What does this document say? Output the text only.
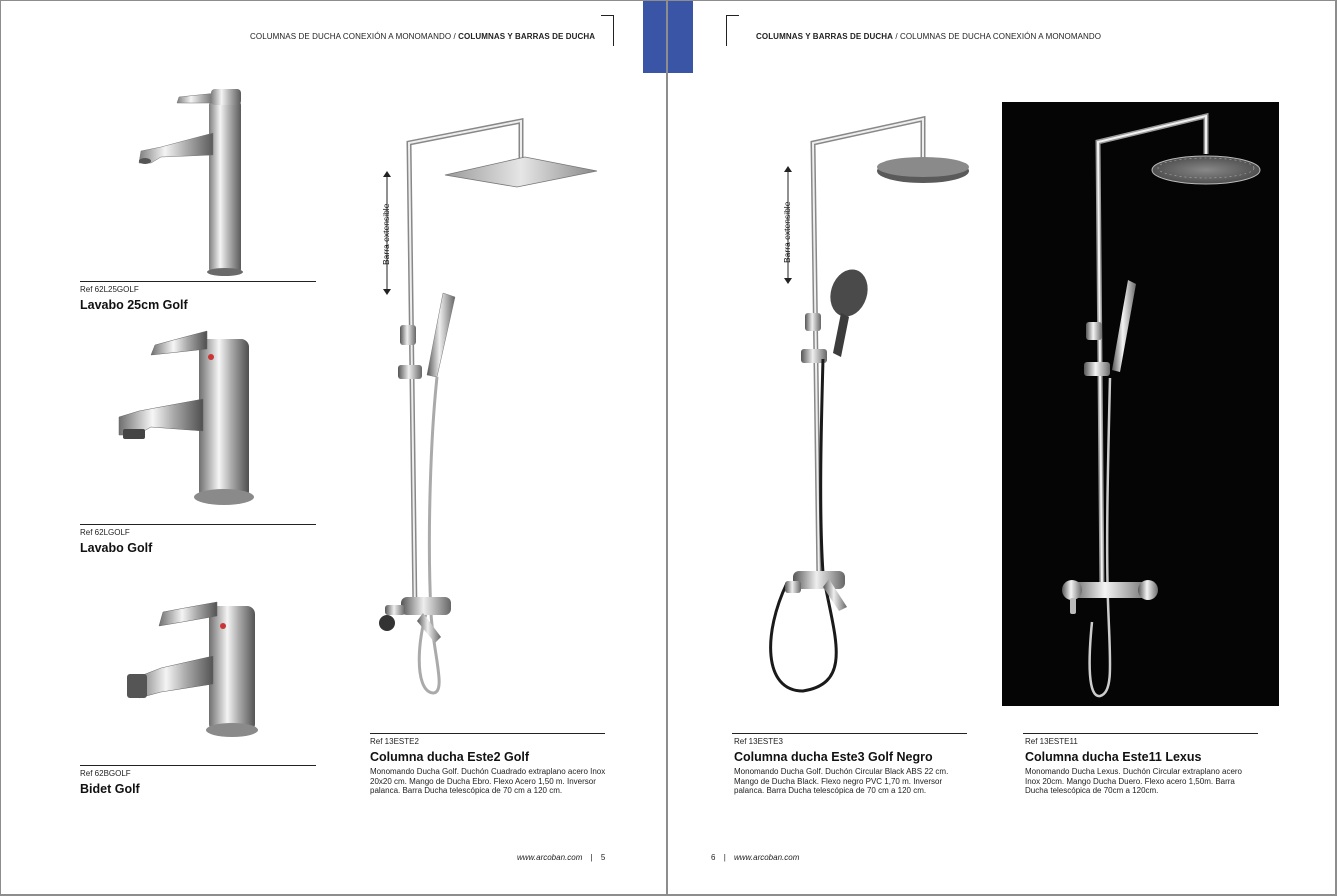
COLUMNAS DE DUCHA CONEXIÓN A MONOMANDO / COLUMNAS Y BARRAS DE DUCHA
Ref 62L25GOLF
Lavabo 25cm Golf
Ref 62LGOLF
Lavabo Golf
Ref 62BGOLF
Bidet Golf
Barra extensible
Ref 13ESTE2
Columna ducha Este2 Golf
Monomando Ducha Golf. Duchón Cuadrado extraplano acero Inox 20x20 cm. Mango de Ducha Ebro. Flexo Acero 1,50 m. Inversor palanca. Barra Ducha telescópica de 70 cm a 120 cm.
www.arcoban.com | 5
COLUMNAS Y BARRAS DE DUCHA / COLUMNAS DE DUCHA CONEXIÓN A MONOMANDO
Barra extensible
Ref 13ESTE3
Columna ducha Este3 Golf Negro
Monomando Ducha Golf. Duchón Circular Black ABS 22 cm. Mango de Ducha Black. Flexo negro PVC 1,70 m. Inversor palanca. Barra Ducha telescópica de 70 cm a 120 cm.
Ref 13ESTE11
Columna ducha Este11 Lexus
Monomando Ducha Lexus. Duchón Circular extraplano acero Inox 20cm. Mango Ducha Duero. Flexo acero 1,50m. Barra Ducha telescópica de 70cm a 120cm.
6 | www.arcoban.com
